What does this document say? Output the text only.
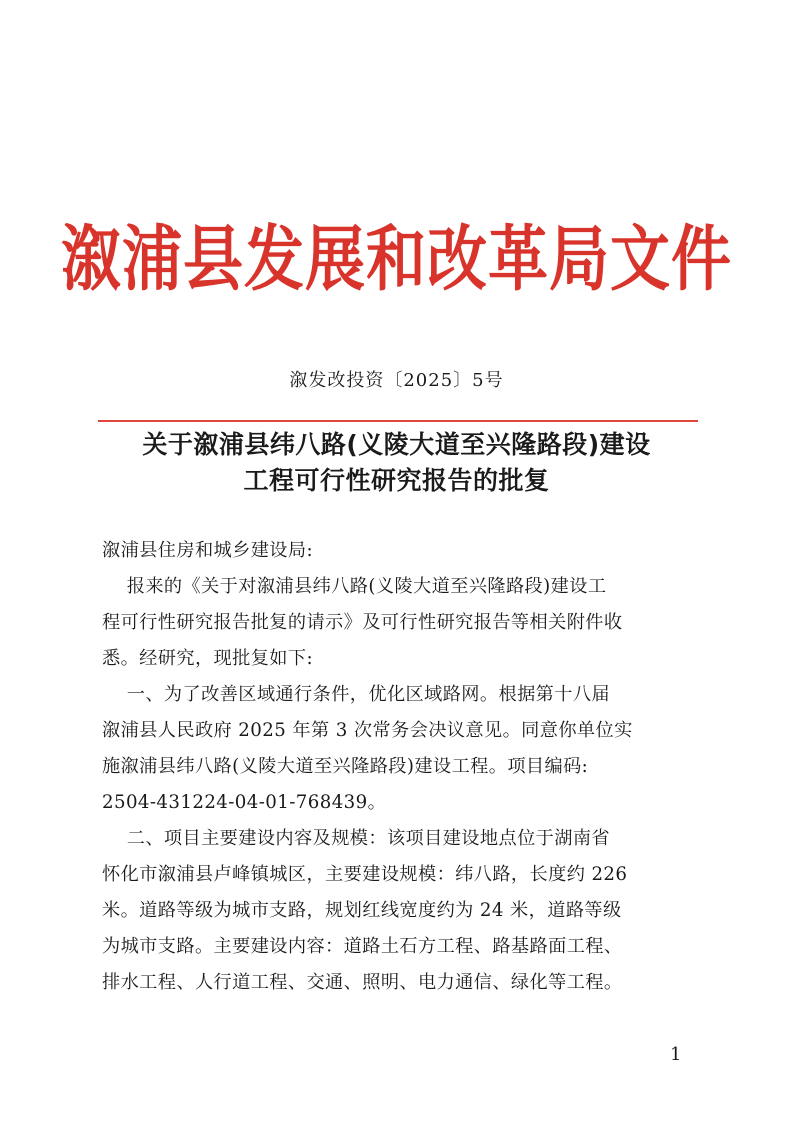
溆浦县发展和改革局文件
溆发改投资〔2025〕5号
关于溆浦县纬八路(义陵大道至兴隆路段)建设
工程可行性研究报告的批复
溆浦县住房和城乡建设局:
报来的《关于对溆浦县纬八路(义陵大道至兴隆路段)建设工
程可行性研究报告批复的请示》及可行性研究报告等相关附件收
悉。经研究，现批复如下:
一、为了改善区域通行条件，优化区域路网。根据第十八届
溆浦县人民政府 2025 年第 3 次常务会决议意见。同意你单位实
施溆浦县纬八路(义陵大道至兴隆路段)建设工程。项目编码:
2504-431224-04-01-768439。
二、项目主要建设内容及规模：该项目建设地点位于湖南省
怀化市溆浦县卢峰镇城区，主要建设规模：纬八路，长度约 226
米。道路等级为城市支路，规划红线宽度约为 24 米，道路等级
为城市支路。主要建设内容：道路土石方工程、路基路面工程、
排水工程、人行道工程、交通、照明、电力通信、绿化等工程。
1
